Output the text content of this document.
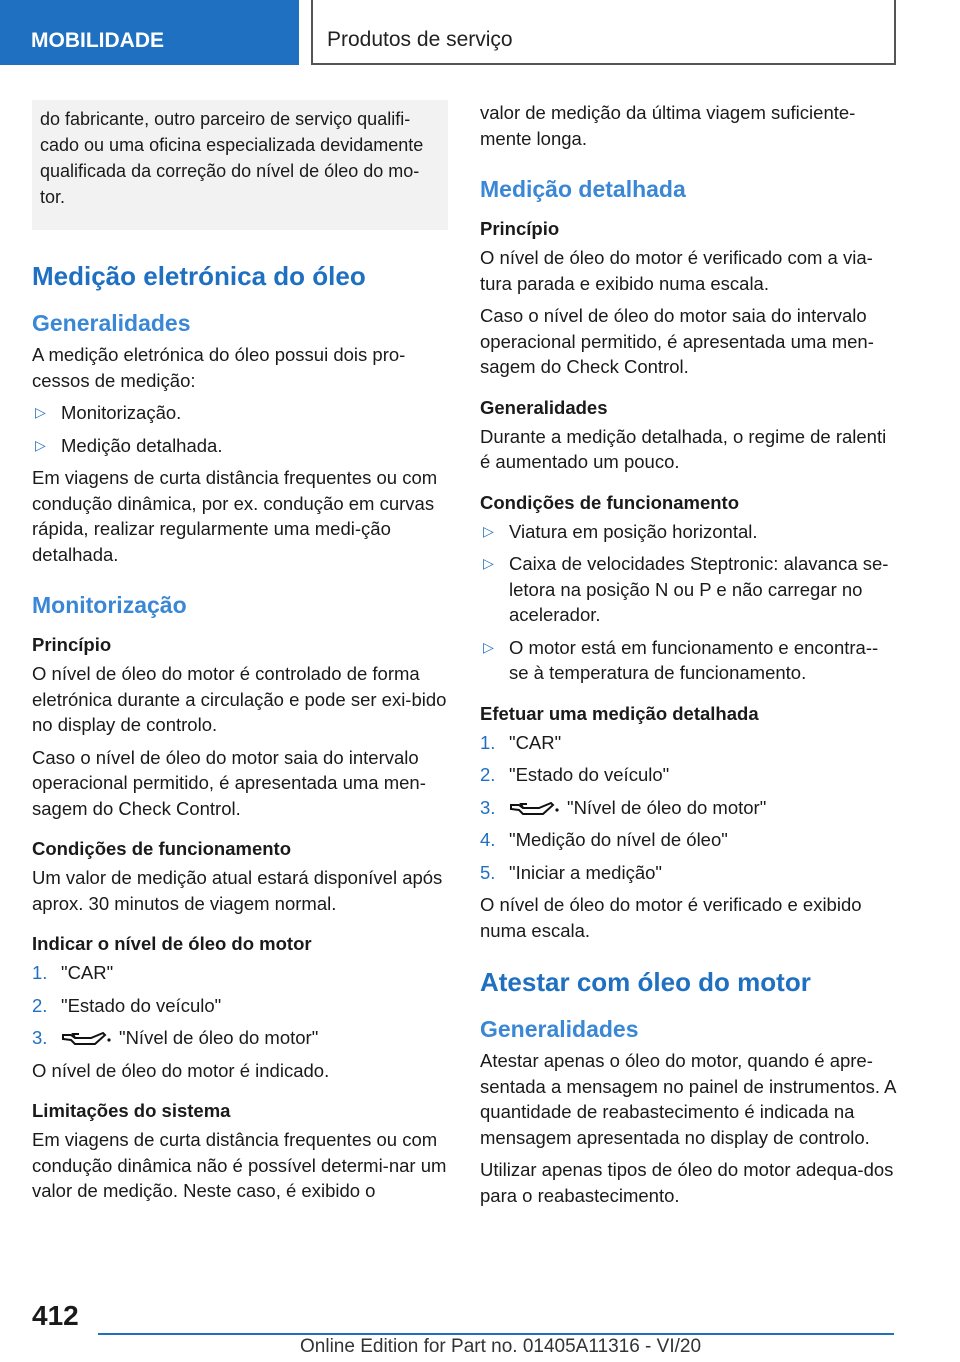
MOBILIDADE	Produtos de serviço
do fabricante, outro parceiro de serviço qualifi-cado ou uma oficina especializada devidamente qualificada da correção do nível de óleo do mo-tor.
Medição eletrónica do óleo
Generalidades
A medição eletrónica do óleo possui dois pro-cessos de medição:
▷ Monitorização.
▷ Medição detalhada.
Em viagens de curta distância frequentes ou com condução dinâmica, por ex. condução em curvas rápida, realizar regularmente uma medi-ção detalhada.
Monitorização
Princípio
O nível de óleo do motor é controlado de forma eletrónica durante a circulação e pode ser exi-bido no display de controlo.
Caso o nível de óleo do motor saia do intervalo operacional permitido, é apresentada uma men-sagem do Check Control.
Condições de funcionamento
Um valor de medição atual estará disponível após aprox. 30 minutos de viagem normal.
Indicar o nível de óleo do motor
1. "CAR"
2. "Estado do veículo"
3.	"Nível de óleo do motor"
O nível de óleo do motor é indicado.
Limitações do sistema
Em viagens de curta distância frequentes ou com condução dinâmica não é possível determi-nar um valor de medição. Neste caso, é exibido o
valor de medição da última viagem suficiente-mente longa.
Medição detalhada
Princípio
O nível de óleo do motor é verificado com a via-tura parada e exibido numa escala.
Caso o nível de óleo do motor saia do intervalo operacional permitido, é apresentada uma men-sagem do Check Control.
Generalidades
Durante a medição detalhada, o regime de ralenti é aumentado um pouco.
Condições de funcionamento
▷ Viatura em posição horizontal.
▷ Caixa de velocidades Steptronic: alavanca se-letora na posição N ou P e não carregar no acelerador.
▷ O motor está em funcionamento e encontra--se à temperatura de funcionamento.
Efetuar uma medição detalhada
1. "CAR"
2. "Estado do veículo"
3.	"Nível de óleo do motor"
4. "Medição do nível de óleo"
5. "Iniciar a medição"
O nível de óleo do motor é verificado e exibido numa escala.
Atestar com óleo do motor
Generalidades
Atestar apenas o óleo do motor, quando é apre-sentada a mensagem no painel de instrumentos. A quantidade de reabastecimento é indicada na mensagem apresentada no display de controlo.
Utilizar apenas tipos de óleo do motor adequa-dos para o reabastecimento.
412
Online Edition for Part no. 01405A11316 - VI/20
